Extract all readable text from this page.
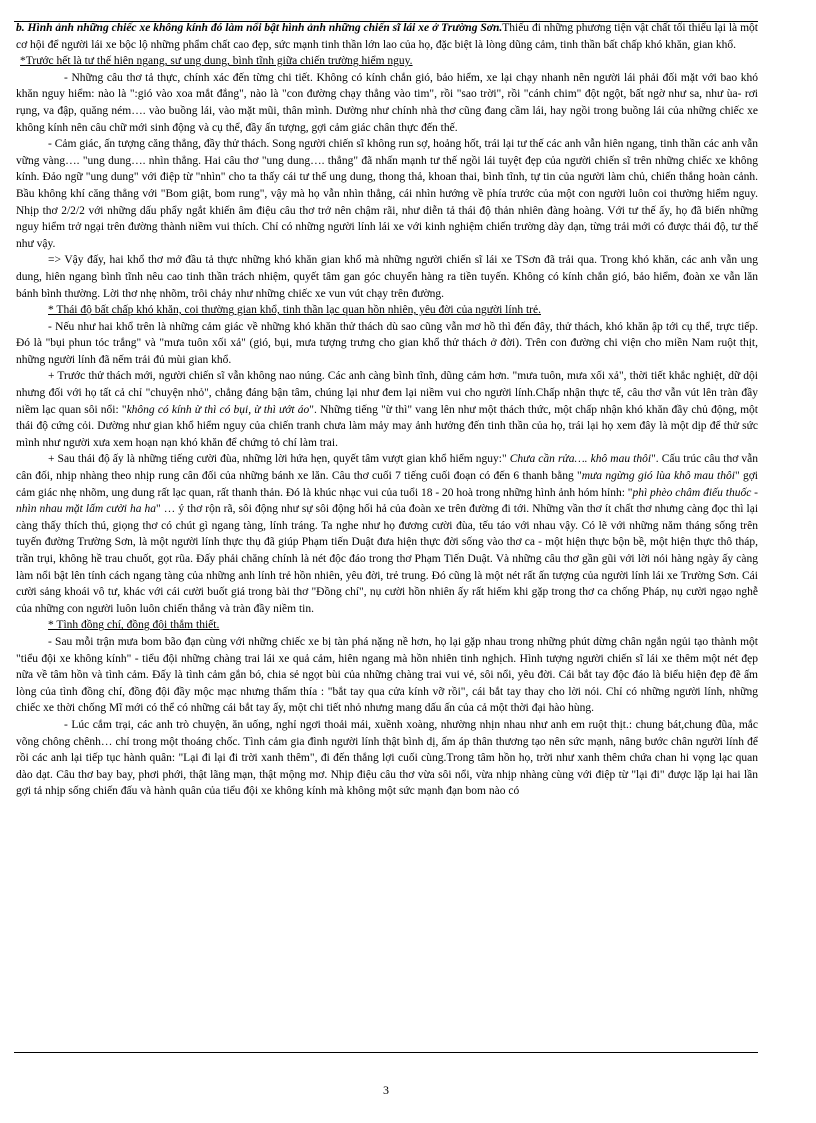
b. Hình ảnh những chiếc xe không kính đó làm nổi bật hình ảnh những chiến sĩ lái xe ở Trường Sơn.Thiếu đi những phương tiện vật chất tối thiểu lại là một cơ hội để người lái xe bộc lộ những phẩm chất cao đẹp, sức mạnh tinh thần lớn lao của họ, đặc biệt là lòng dũng cảm, tinh thần bất chấp khó khăn, gian khổ.

*Trước hết là tư thế hiên ngang, sư ung dung, bình tĩnh giữa chiến trường hiểm nguy.

- Những câu thơ tả thực, chính xác đến từng chi tiết. Không có kính chắn gió, bảo hiểm, xe lại chạy nhanh nên người lái phải đối mặt với bao khó khăn nguy hiểm: nào là ":gió vào xoa mắt đắng", nào là "con đường chạy thẳng vào tim", rồi "sao trời", rồi "cánh chim" đột ngột, bất ngờ như sa, như ùa- rơi rụng, va đập, quăng ném…. vào buồng lái, vào mặt mũi, thân mình. Dường như chính nhà thơ cũng đang cầm lái, hay ngồi trong buồng lái của những chiếc xe không kính nên câu chữ mới sinh động và cụ thể, đầy ấn tượng, gợi cảm giác chân thực đến thế.

- Cảm giác, ấn tượng căng thẳng, đầy thử thách. Song người chiến sĩ không run sợ, hoảng hốt, trái lại tư thế các anh vẫn hiên ngang, tinh thần các anh vẫn vững vàng…. "ung dung…. nhìn thẳng. Hai câu thơ "ung dung…. thẳng" đã nhấn mạnh tư thế ngồi lái tuyệt đẹp của người chiến sĩ trên những chiếc xe không kính. Đảo ngữ "ung dung" với điệp từ "nhìn" cho ta thấy cái tư thế ung dung, thong thả, khoan thai, bình tĩnh, tự tin của người làm chủ, chiến thắng hoàn cảnh. Bầu không khí căng thẳng với "Bom giật, bom rung", vậy mà họ vẫn nhìn thẳng, cái nhìn hướng về phía trước của một con người luôn coi thường hiểm nguy. Nhịp thơ 2/2/2 với những dấu phẩy ngắt khiến âm điệu câu thơ trở nên chậm rãi, như diễn tả thái độ thản nhiên đàng hoàng. Với tư thế ấy, họ đã biến những nguy hiểm trở ngại trên đường thành niềm vui thích. Chỉ có những người lính lái xe với kinh nghiệm chiến trường dày dạn, từng trải mới có được thái độ, tư thế như vậy.

=> Vậy đấy, hai khổ thơ mở đầu tả thực những khó khăn gian khổ mà những người chiến sĩ lái xe TSơn đã trải qua. Trong khó khăn, các anh vẫn ung dung, hiên ngang bình tĩnh nêu cao tinh thần trách nhiệm, quyết tâm gan góc chuyển hàng ra tiền tuyến. Không có kính chắn gió, bảo hiểm, đoàn xe vẫn lăn bánh bình thường. Lời thơ nhẹ nhõm, trôi chảy như những chiếc xe vun vút chạy trên đường.

* Thái độ bất chấp khó khăn, coi thường gian khổ, tinh thần lạc quan hồn nhiên, yêu đời của người lính trẻ.

- Nếu như hai khổ trên là những cảm giác về những khó khăn thử thách dù sao cũng vẫn mơ hồ thì đến đây, thử thách, khó khăn ập tới cụ thể, trực tiếp. Đó là "bụi phun tóc trắng" và "mưa tuôn xối xả" (gió, bụi, mưa tượng trưng cho gian khổ thử thách ở đời). Trên con đường chi viện cho miền Nam ruột thịt, những người lính đã nếm trải đủ mùi gian khổ.

+ Trước thử thách mới, người chiến sĩ vẫn không nao núng. Các anh càng bình tĩnh, dũng cảm hơn. "mưa tuôn, mưa xối xả", thời tiết khắc nghiệt, dữ dội nhưng đối với họ tất cả chỉ "chuyện nhỏ", chẳng đáng bận tâm, chúng lại như đem lại niềm vui cho người lính.Chấp nhận thực tế, câu thơ vẫn vút lên tràn đầy niềm lạc quan sôi nổi: "không có kính ừ thì có bụi, ừ thì ướt áo". Những tiếng "ừ thì" vang lên như một thách thức, một chấp nhận khó khăn đầy chủ động, một thái độ cứng cỏi. Dường như gian khổ hiểm nguy của chiến tranh chưa làm mảy may ảnh hưởng đến tinh thần của họ, trái lại họ xem đây là một dịp để thử sức mình như người xưa xem hoạn nạn khó khăn để chứng tỏ chí làm trai.

+ Sau thái độ ấy là những tiếng cười đùa, những lời hứa hẹn, quyết tâm vượt gian khổ hiểm nguy:" Chưa cần rửa…. khô mau thôi". Cấu trúc câu thơ vẫn cân đối, nhịp nhàng theo nhịp rung cân đối của những bánh xe lăn. Câu thơ cuối 7 tiếng cuối đoạn có đến 6 thanh bằng "mưa ngừng gió lùa khô mau thôi" gợi cảm giác nhẹ nhõm, ung dung rất lạc quan, rất thanh thản. Đó là khúc nhạc vui của tuổi 18 - 20 hoà trong những hình ảnh hóm hỉnh: "phì phèo châm điếu thuốc - nhìn nhau mặt lấm cười ha ha" … ý thơ rộn rã, sôi động như sự sôi động hối hả của đoàn xe trên đường đi tới. Những vần thơ ít chất thơ nhưng càng đọc thì lại càng thấy thích thú, giọng thơ có chút gì ngang tàng, lính tráng. Ta nghe như họ đương cười đùa, tếu táo với nhau vậy. Có lẽ với những năm tháng sống trên tuyến đường Trường Sơn, là một người lính thực thụ đã giúp Phạm tiến Duật đưa hiện thực đời sống vào thơ ca - một hiện thực bộn bề, một hiện thực thô tháp, trần trụi, không hề trau chuốt, gọt rũa. Đấy phải chăng chính là nét độc đáo trong thơ Phạm Tiến Duật. Và những câu thơ gần gũi với lời nói hàng ngày ấy càng làm nổi bật lên tính cách ngang tàng của những anh lính trẻ hồn nhiên, yêu đời, trẻ trung. Đó cũng là một nét rất ấn tượng của người lính lái xe Trường Sơn. Cái cười sảng khoái vô tư, khác với cái cười buốt giá trong bài thơ "Đồng chí", nụ cười hồn nhiên ấy rất hiếm khi gặp trong thơ ca chống Pháp, nụ cười ngạo nghễ của những con người luôn luôn chiến thắng và tràn đầy niềm tin.

* Tình đồng chí, đồng đội thắm thiết.

- Sau mỗi trận mưa bom bão đạn cùng với những chiếc xe bị tàn phá nặng nề hơn, họ lại gặp nhau trong những phút dừng chân ngắn ngủi tạo thành một "tiểu đội xe không kính" - tiểu đội những chàng trai lái xe quả cảm, hiên ngang mà hồn nhiên tinh nghịch. Hình tượng người chiến sĩ lái xe thêm một nét đẹp nữa về tâm hồn và tình cảm. Đấy là tình cảm gắn bó, chia sẻ ngọt bùi của những chàng trai vui vẻ, sôi nổi, yêu đời. Cái bắt tay độc đáo là biểu hiện đẹp đẽ ấm lòng của tình đồng chí, đồng đội đầy mộc mạc nhưng thấm thía : "bắt tay qua cửa kính vỡ rồi", cái bắt tay thay cho lời nói. Chỉ có những người lính, những chiếc xe thời chống Mĩ mới có thể có những cái bắt tay ấy, một chi tiết nhỏ nhưng mang dấu ấn của cả một thời đại hào hùng.

- Lúc cắm trại, các anh trò chuyện, ăn uống, nghỉ ngơi thoải mái, xuềnh xoàng, nhường nhịn nhau như anh em ruột thịt.: chung bát,chung đũa, mắc võng chông chênh… chỉ trong một thoáng chốc. Tình cảm gia đình người lính thật bình dị, ấm áp thân thương tạo nên sức mạnh, nâng bước chân người lính để rồi các anh lại tiếp tục hành quân: "Lại đi lại đi trời xanh thêm", đi đến thắng lợi cuối cùng.Trong tâm hồn họ, trời như xanh thêm chứa chan hi vọng lạc quan dào dạt. Câu thơ bay bay, phơi phới, thật lãng mạn, thật mộng mơ. Nhịp điệu câu thơ vừa sôi nổi, vừa nhịp nhàng cùng với điệp từ "lại đi" được lặp lại hai lần gợi tả nhịp sống chiến đấu và hành quân của tiểu đội xe không kính mà không một sức mạnh đạn bom nào có

3
